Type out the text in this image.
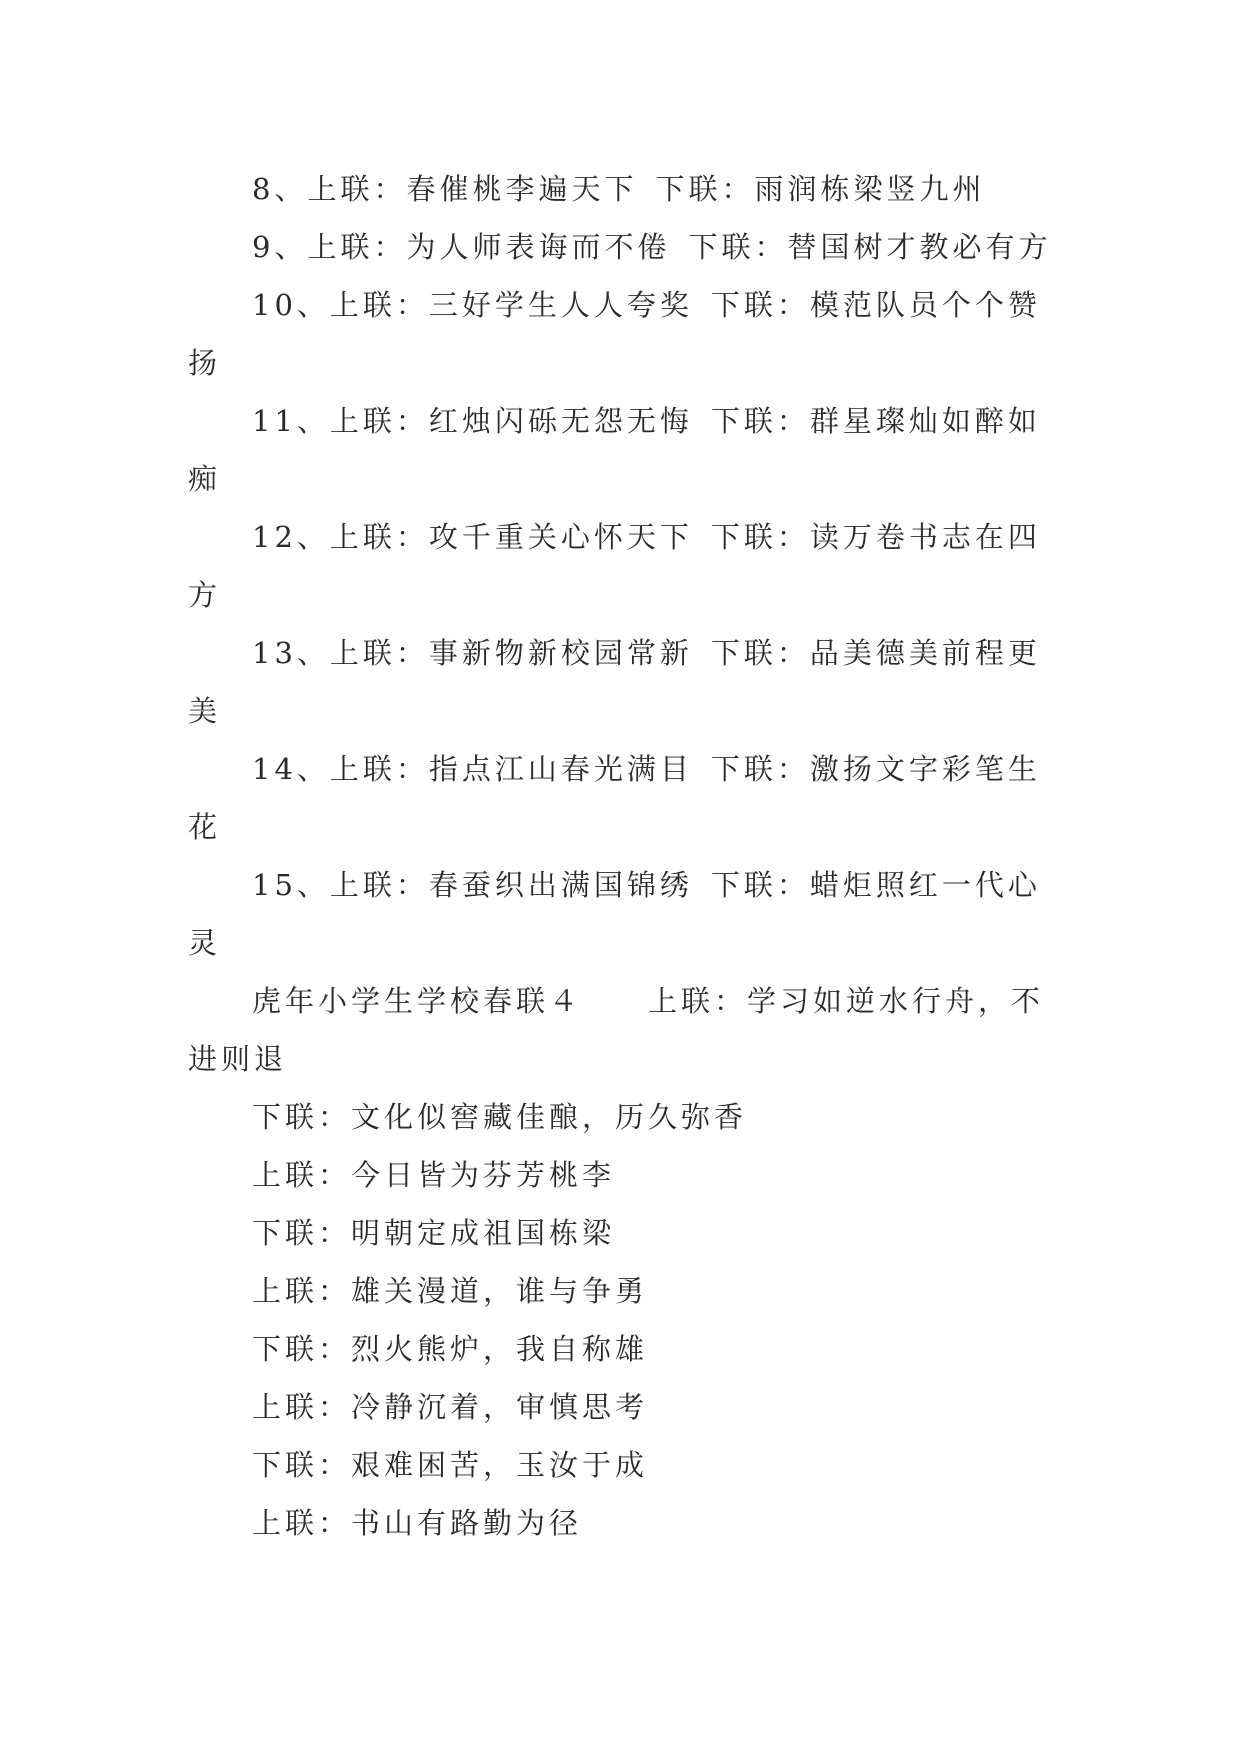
8、上联：春催桃李遍天下 下联：雨润栋梁竖九州

9、上联：为人师表诲而不倦 下联：替国树才教必有方

10、上联：三好学生人人夸奖 下联：模范队员个个赞扬

11、上联：红烛闪砾无怨无悔 下联：群星璨灿如醉如痴

12、上联：攻千重关心怀天下 下联：读万卷书志在四方

13、上联：事新物新校园常新 下联：品美德美前程更美

14、上联：指点江山春光满目 下联：激扬文字彩笔生花

15、上联：春蚕织出满国锦绣 下联：蜡炬照红一代心灵

虎年小学生学校春联４ 上联：学习如逆水行舟，不进则退

下联：文化似窖藏佳酿，历久弥香

上联：今日皆为芬芳桃李

下联：明朝定成祖国栋梁

上联：雄关漫道，谁与争勇

下联：烈火熊炉，我自称雄

上联：冷静沉着，审慎思考

下联：艰难困苦，玉汝于成

上联：书山有路勤为径
